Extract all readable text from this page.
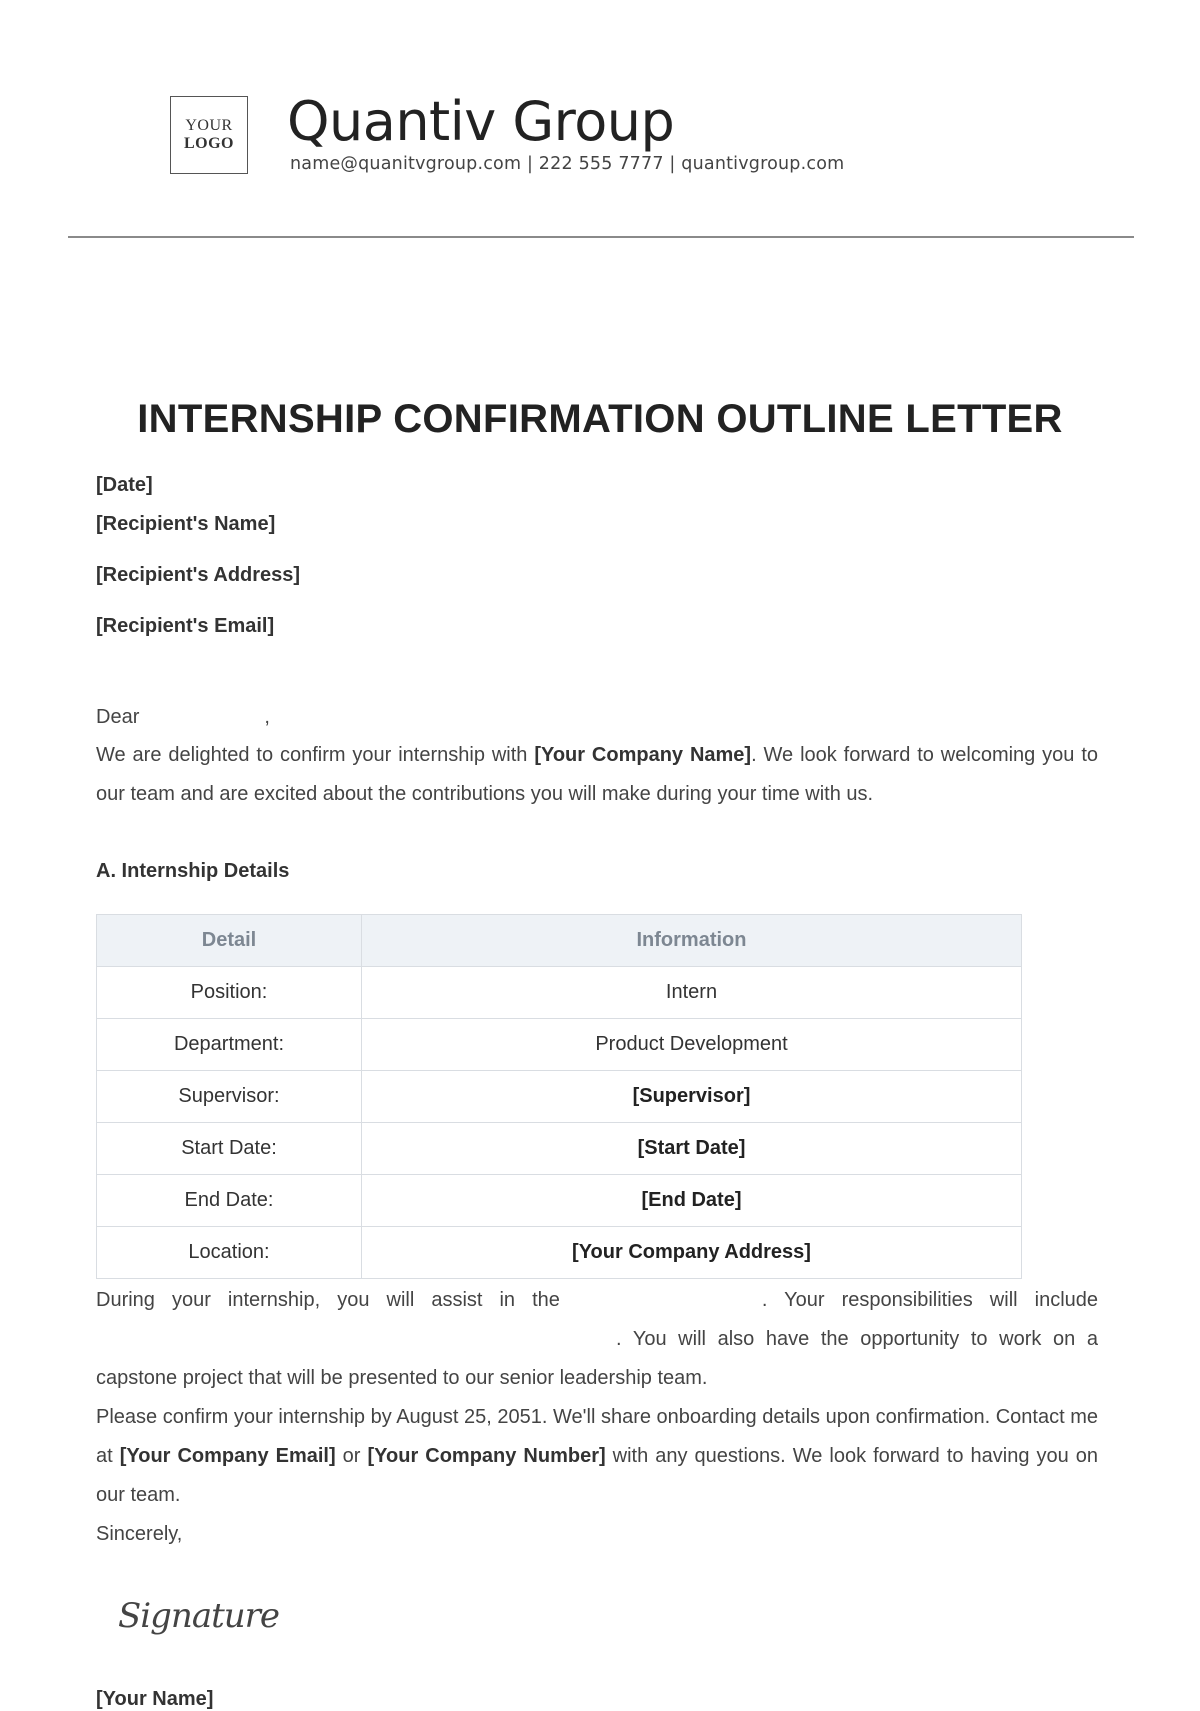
YOUR
LOGO Quantiv Group
name@quanitvgroup.com | 222 555 7777 | quantivgroup.com
INTERNSHIP CONFIRMATION OUTLINE LETTER
[Date]
[Recipient's Name]
[Recipient's Address]
[Recipient's Email]
Dear	,
We are delighted to confirm your internship with [Your Company Name]. We look forward to welcoming you to our team and are excited about the contributions you will make during your time with us.
A. Internship Details
Detail	Information
Position:	Intern
Department:	Product Development
Supervisor:	[Supervisor]
Start Date:	[Start Date]
End Date:	[End Date]
Location:	[Your Company Address]
During your internship, you will assist in the	. Your responsibilities will include. You will also have the opportunity to work on a capstone project that will be presented to our senior leadership team.
Please confirm your internship by August 25, 2051. We'll share onboarding details upon confirmation. Contact me at [Your Company Email] or [Your Company Number] with any questions. We look forward to having you on our team.
Sincerely,
Signature
[Your Name]
